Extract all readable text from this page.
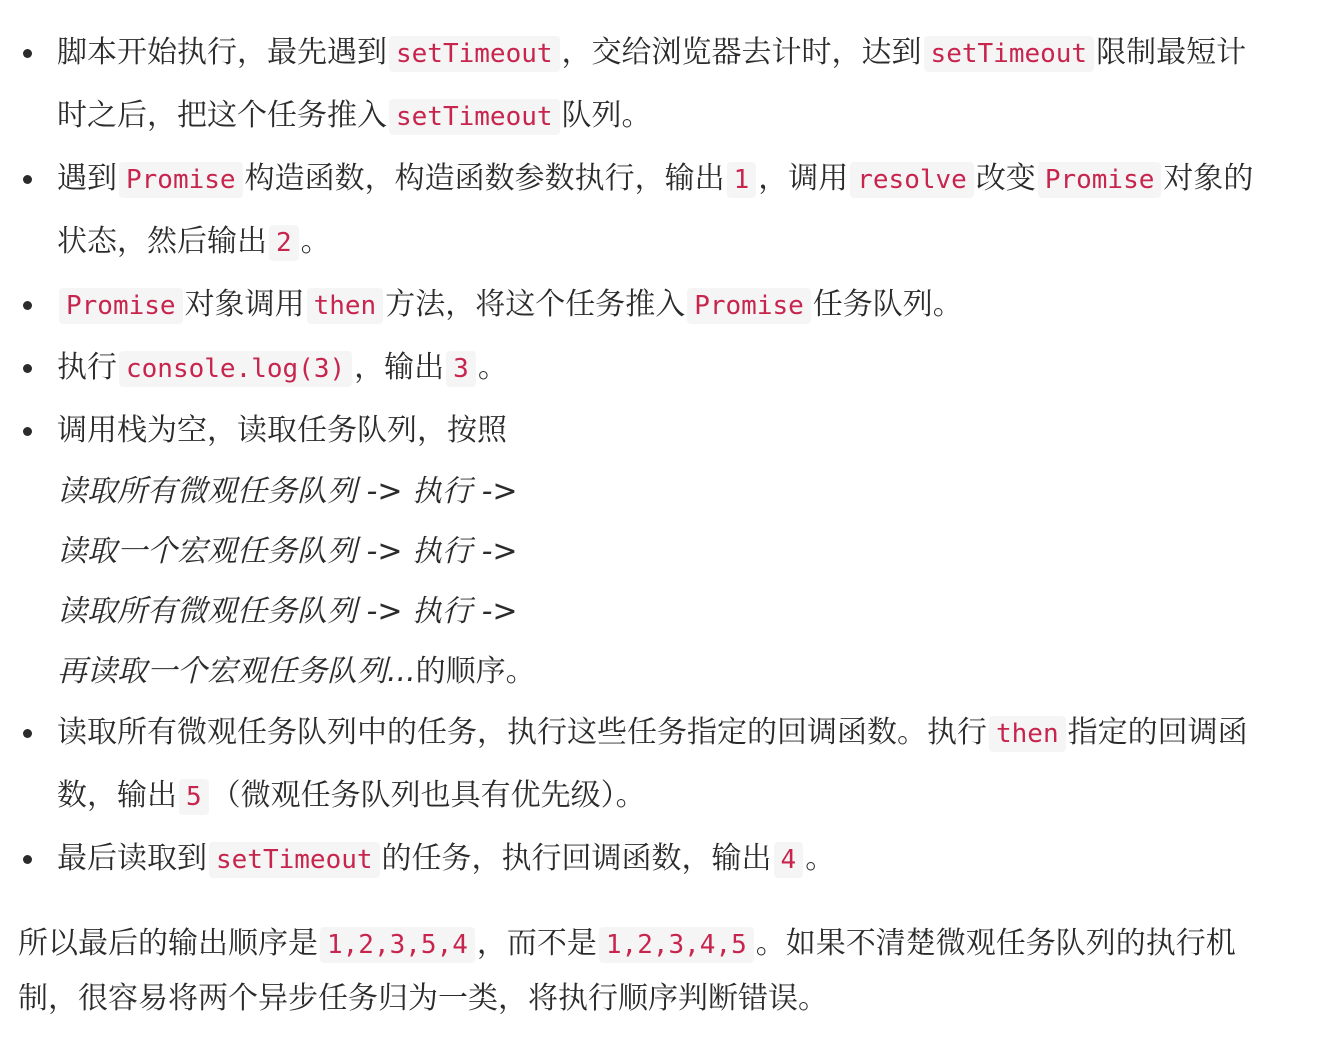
脚本开始执行，最先遇到 setTimeout ，交给浏览器去计时，达到 setTimeout 限制最短计时之后，把这个任务推入 setTimeout 队列。
遇到 Promise 构造函数，构造函数参数执行，输出 1 ，调用 resolve 改变 Promise 对象的状态，然后输出 2 。
Promise 对象调用 then 方法，将这个任务推入 Promise 任务队列。
执行 console.log(3) ，输出 3 。
调用栈为空，读取任务队列，按照
读取所有微观任务队列 -> 执行 ->
读取一个宏观任务队列 -> 执行 ->
读取所有微观任务队列 -> 执行 ->
再读取一个宏观任务队列...的顺序。
读取所有微观任务队列中的任务，执行这些任务指定的回调函数。执行 then 指定的回调函数，输出 5 （微观任务队列也具有优先级）。
最后读取到 setTimeout 的任务，执行回调函数，输出 4 。

所以最后的输出顺序是 1,2,3,5,4 ，而不是 1,2,3,4,5 。如果不清楚微观任务队列的执行机制，很容易将两个异步任务归为一类，将执行顺序判断错误。
